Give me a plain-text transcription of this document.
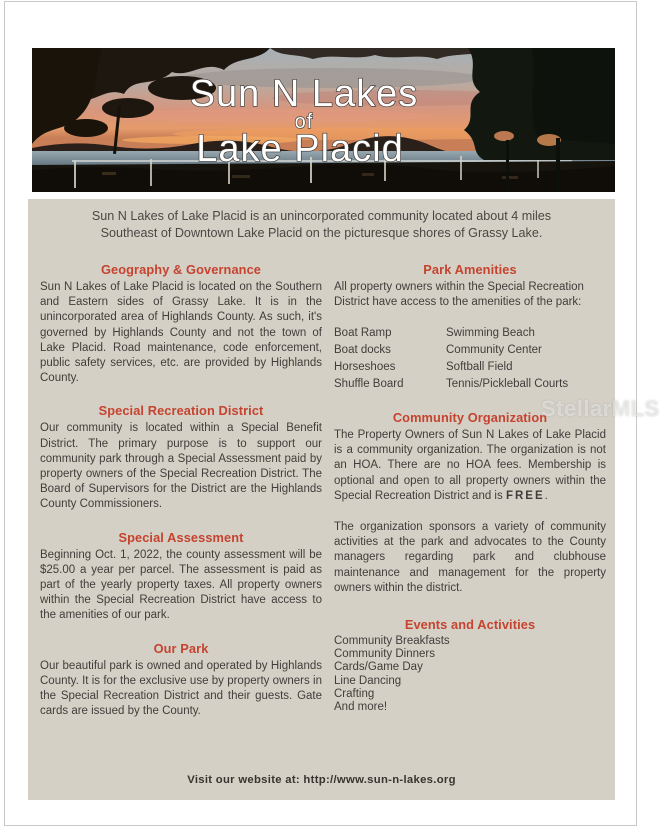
Sun N Lakes
of
Lake Placid

Sun N Lakes of Lake Placid is an unincorporated community located about 4 miles Southeast of Downtown Lake Placid on the picturesque shores of Grassy Lake.

Geography & Governance

Sun N Lakes of Lake Placid is located on the Southern and Eastern sides of Grassy Lake. It is in the unincorporated area of Highlands County. As such, it's governed by Highlands County and not the town of Lake Placid. Road maintenance, code enforcement, public safety services, etc. are provided by Highlands County.

Special Recreation District

Our community is located within a Special Benefit District. The primary purpose is to support our community park through a Special Assessment paid by property owners of the Special Recreation District. The Board of Supervisors for the District are the Highlands County Commissioners.

Special Assessment

Beginning Oct. 1, 2022, the county assessment will be $25.00 a year per parcel. The assessment is paid as part of the yearly property taxes. All property owners within the Special Recreation District have access to the amenities of our park.

Our Park

Our beautiful park is owned and operated by Highlands County. It is for the exclusive use by property owners in the Special Recreation District and their guests. Gate cards are issued by the County.

Park Amenities

All property owners within the Special Recreation District have access to the amenities of the park:

Boat Ramp	Swimming Beach
Boat docks	Community Center
Horseshoes	Softball Field
Shuffle Board	Tennis/Pickleball Courts
Community Organization

The Property Owners of Sun N Lakes of Lake Placid is a community organization. The organization is not an HOA. There are no HOA fees. Membership is optional and open to all property owners within the Special Recreation District and is FREE.

The organization sponsors a variety of community activities at the park and advocates to the County managers regarding park and clubhouse maintenance and management for the property owners within the district.

Events and Activities
Community Breakfasts
Community Dinners
Cards/Game Day
Line Dancing
Crafting
And more!
Visit our website at: http://www.sun-n-lakes.org
StellarMLS
